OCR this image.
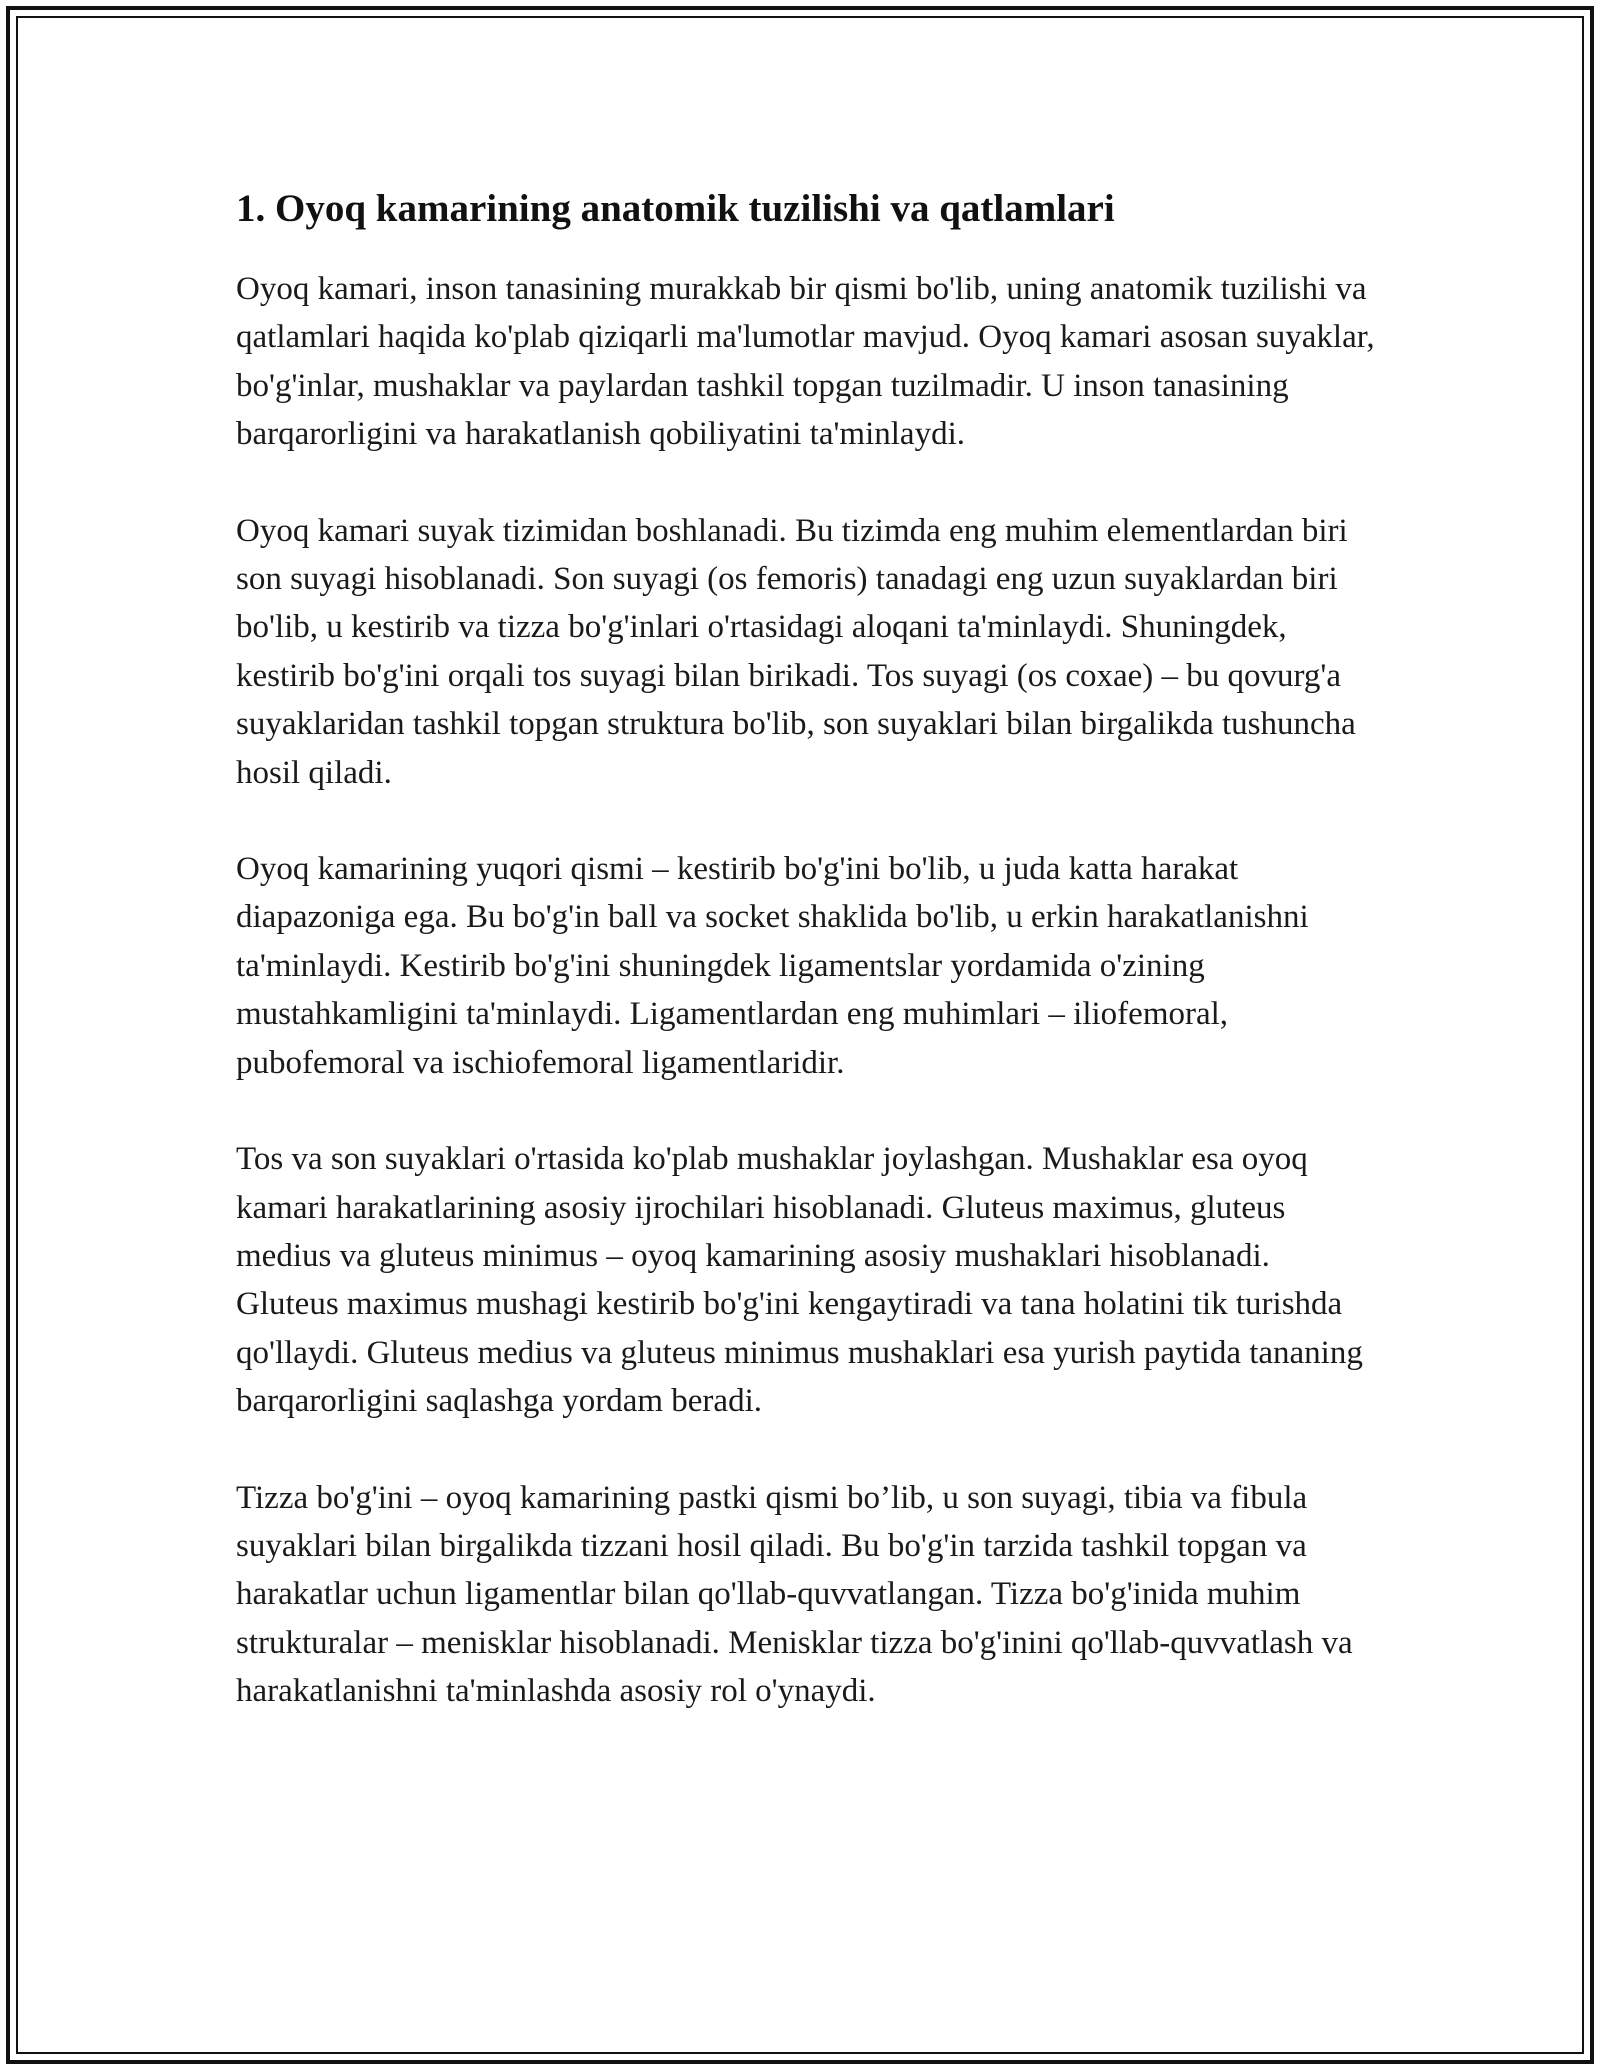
1. Oyoq kamarining anatomik tuzilishi va qatlamlari

Oyoq kamari, inson tanasining murakkab bir qismi bo'lib, uning anatomik tuzilishi va qatlamlari haqida ko'plab qiziqarli ma'lumotlar mavjud. Oyoq kamari asosan suyaklar, bo'g'inlar, mushaklar va paylardan tashkil topgan tuzilmadir. U inson tanasining barqarorligini va harakatlanish qobiliyatini ta'minlaydi.

Oyoq kamari suyak tizimidan boshlanadi. Bu tizimda eng muhim elementlardan biri son suyagi hisoblanadi. Son suyagi (os femoris) tanadagi eng uzun suyaklardan biri bo'lib, u kestirib va tizza bo'g'inlari o'rtasidagi aloqani ta'minlaydi. Shuningdek, kestirib bo'g'ini orqali tos suyagi bilan birikadi. Tos suyagi (os coxae) – bu qovurg'a suyaklaridan tashkil topgan struktura bo'lib, son suyaklari bilan birgalikda tushuncha hosil qiladi.

Oyoq kamarining yuqori qismi – kestirib bo'g'ini bo'lib, u juda katta harakat diapazoniga ega. Bu bo'g'in ball va socket shaklida bo'lib, u erkin harakatlanishni ta'minlaydi. Kestirib bo'g'ini shuningdek ligamentslar yordamida o'zining mustahkamligini ta'minlaydi. Ligamentlardan eng muhimlari – iliofemoral, pubofemoral va ischiofemoral ligamentlaridir.

Tos va son suyaklari o'rtasida ko'plab mushaklar joylashgan. Mushaklar esa oyoq kamari harakatlarining asosiy ijrochilari hisoblanadi. Gluteus maximus, gluteus medius va gluteus minimus – oyoq kamarining asosiy mushaklari hisoblanadi. Gluteus maximus mushagi kestirib bo'g'ini kengaytiradi va tana holatini tik turishda qo'llaydi. Gluteus medius va gluteus minimus mushaklari esa yurish paytida tananing barqarorligini saqlashga yordam beradi.

Tizza bo'g'ini – oyoq kamarining pastki qismi bo’lib, u son suyagi, tibia va fibula suyaklari bilan birgalikda tizzani hosil qiladi. Bu bo'g'in tarzida tashkil topgan va harakatlar uchun ligamentlar bilan qo'llab-quvvatlangan. Tizza bo'g'inida muhim strukturalar – menisklar hisoblanadi. Menisklar tizza bo'g'inini qo'llab-quvvatlash va harakatlanishni ta'minlashda asosiy rol o'ynaydi.
